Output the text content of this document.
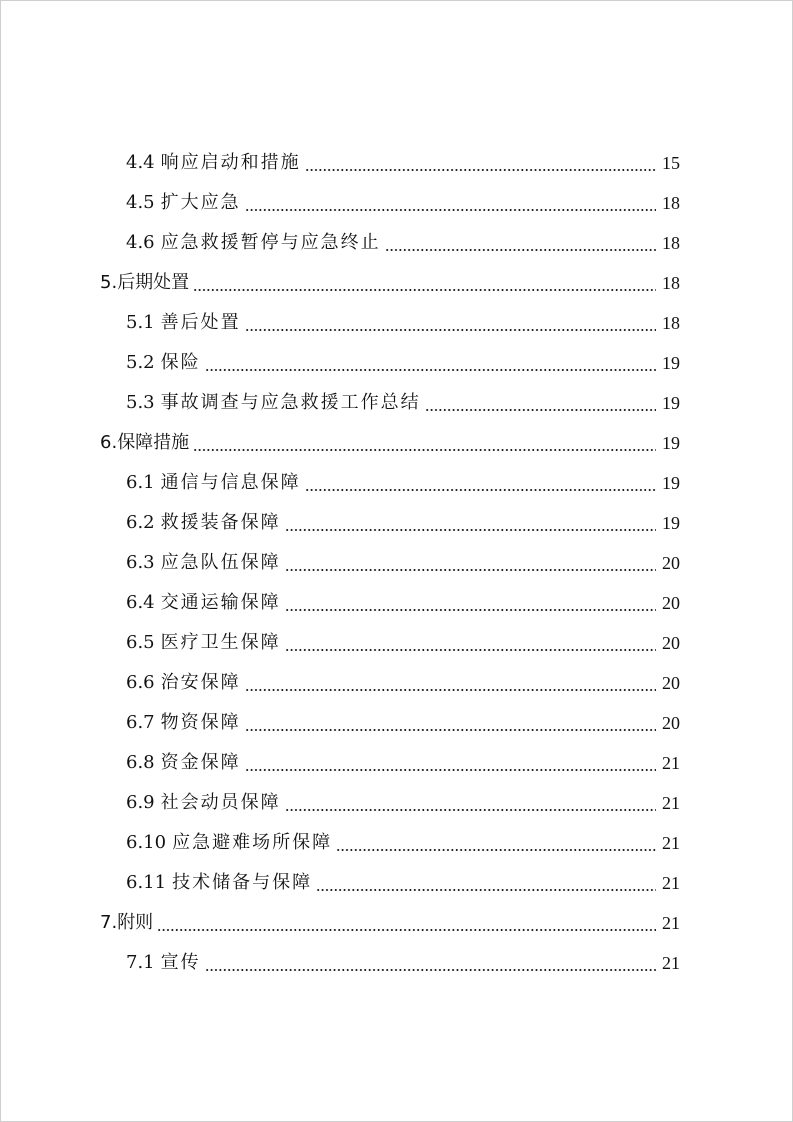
4.4 响应启动和措施	15
4.5 扩大应急	18
4.6 应急救援暂停与应急终止	18
5. 后期处置	18
5.1 善后处置	18
5.2 保险	19
5.3 事故调查与应急救援工作总结	19
6. 保障措施	19
6.1 通信与信息保障	19
6.2 救援装备保障	19
6.3 应急队伍保障	20
6.4 交通运输保障	20
6.5 医疗卫生保障	20
6.6 治安保障	20
6.7 物资保障	20
6.8 资金保障	21
6.9 社会动员保障	21
6.10 应急避难场所保障	21
6.11 技术储备与保障	21
7. 附则	21
7.1 宣传	21
